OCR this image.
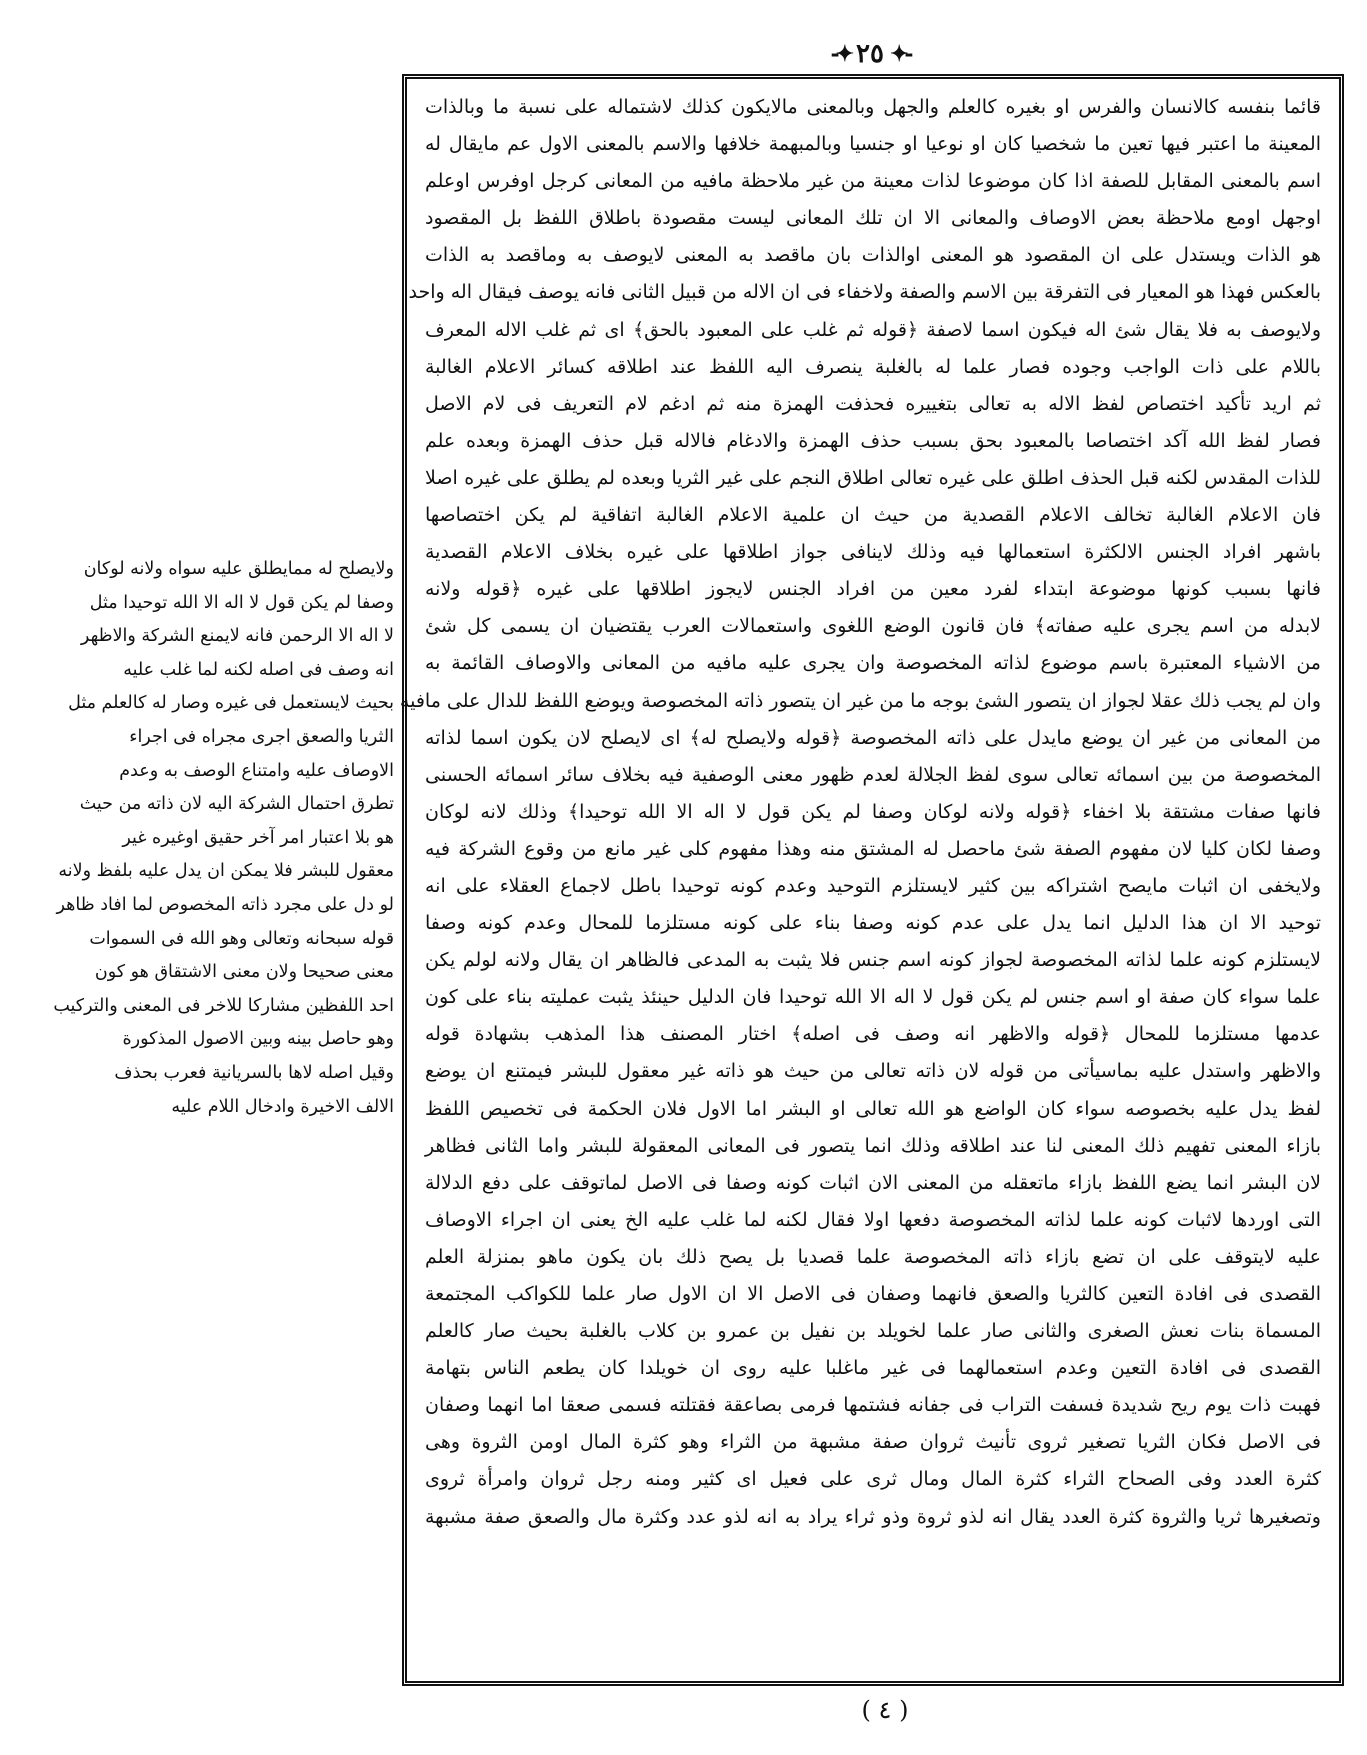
-✦ ٢٥ ✦-
قائما بنفسه كالانسان والفرس او بغيره كالعلم والجهل وبالمعنى مالايكون كذلك لاشتماله على نسبة ما وبالذات
المعينة ما اعتبر فيها تعين ما شخصيا كان او نوعيا او جنسيا وبالمبهمة خلافها والاسم بالمعنى الاول عم مايقال له
اسم بالمعنى المقابل للصفة اذا كان موضوعا لذات معينة من غير ملاحظة مافيه من المعانى كرجل اوفرس اوعلم
اوجهل اومع ملاحظة بعض الاوصاف والمعانى الا ان تلك المعانى ليست مقصودة باطلاق اللفظ بل المقصود
هو الذات ويستدل على ان المقصود هو المعنى اوالذات بان ماقصد به المعنى لايوصف به وماقصد به الذات
بالعكس فهذا هو المعيار فى التفرقة بين الاسم والصفة ولاخفاء فى ان الاله من قبيل الثانى فانه يوصف فيقال اله واحد
ولايوصف به فلا يقال شئ اله فيكون اسما لاصفة ﴿قوله ثم غلب على المعبود بالحق﴾ اى ثم غلب الاله المعرف
باللام على ذات الواجب وجوده فصار علما له بالغلبة ينصرف اليه اللفظ عند اطلاقه كسائر الاعلام الغالبة
ثم اريد تأكيد اختصاص لفظ الاله به تعالى بتغييره فحذفت الهمزة منه ثم ادغم لام التعريف فى لام الاصل
فصار لفظ الله آكد اختصاصا بالمعبود بحق بسبب حذف الهمزة والادغام فالاله قبل حذف الهمزة وبعده علم
للذات المقدس لكنه قبل الحذف اطلق على غيره تعالى اطلاق النجم على غير الثريا وبعده لم يطلق على غيره اصلا
فان الاعلام الغالبة تخالف الاعلام القصدية من حيث ان علمية الاعلام الغالبة اتفاقية لم يكن اختصاصها
باشهر افراد الجنس الالكثرة استعمالها فيه وذلك لاينافى جواز اطلاقها على غيره بخلاف الاعلام القصدية
فانها بسبب كونها موضوعة ابتداء لفرد معين من افراد الجنس لايجوز اطلاقها على غيره ﴿قوله ولانه
لابدله من اسم يجرى عليه صفاته﴾ فان قانون الوضع اللغوى واستعمالات العرب يقتضيان ان يسمى كل شئ
من الاشياء المعتبرة باسم موضوع لذاته المخصوصة وان يجرى عليه مافيه من المعانى والاوصاف القائمة به
وان لم يجب ذلك عقلا لجواز ان يتصور الشئ بوجه ما من غير ان يتصور ذاته المخصوصة ويوضع اللفظ للدال على مافيه
من المعانى من غير ان يوضع مايدل على ذاته المخصوصة ﴿قوله ولايصلح له﴾ اى لايصلح لان يكون اسما لذاته
المخصوصة من بين اسمائه تعالى سوى لفظ الجلالة لعدم ظهور معنى الوصفية فيه بخلاف سائر اسمائه الحسنى
فانها صفات مشتقة بلا اخفاء ﴿قوله ولانه لوكان وصفا لم يكن قول لا اله الا الله توحيدا﴾ وذلك لانه لوكان
وصفا لكان كليا لان مفهوم الصفة شئ ماحصل له المشتق منه وهذا مفهوم كلى غير مانع من وقوع الشركة فيه
ولايخفى ان اثبات مايصح اشتراكه بين كثير لايستلزم التوحيد وعدم كونه توحيدا باطل لاجماع العقلاء على انه
توحيد الا ان هذا الدليل انما يدل على عدم كونه وصفا بناء على كونه مستلزما للمحال وعدم كونه وصفا
لايستلزم كونه علما لذاته المخصوصة لجواز كونه اسم جنس فلا يثبت به المدعى فالظاهر ان يقال ولانه لولم يكن
علما سواء كان صفة او اسم جنس لم يكن قول لا اله الا الله توحيدا فان الدليل حينئذ يثبت عمليته بناء على كون
عدمها مستلزما للمحال ﴿قوله والاظهر انه وصف فى اصله﴾ اختار المصنف هذا المذهب بشهادة قوله
والاظهر واستدل عليه بماسيأتى من قوله لان ذاته تعالى من حيث هو ذاته غير معقول للبشر فيمتنع ان يوضع
لفظ يدل عليه بخصوصه سواء كان الواضع هو الله تعالى او البشر اما الاول فلان الحكمة فى تخصيص اللفظ
بازاء المعنى تفهيم ذلك المعنى لنا عند اطلاقه وذلك انما يتصور فى المعانى المعقولة للبشر واما الثانى فظاهر
لان البشر انما يضع اللفظ بازاء ماتعقله من المعنى الان اثبات كونه وصفا فى الاصل لماتوقف على دفع الدلالة
التى اوردها لاثبات كونه علما لذاته المخصوصة دفعها اولا فقال لكنه لما غلب عليه الخ يعنى ان اجراء الاوصاف
عليه لايتوقف على ان تضع بازاء ذاته المخصوصة علما قصديا بل يصح ذلك بان يكون ماهو بمنزلة العلم
القصدى فى افادة التعين كالثريا والصعق فانهما وصفان فى الاصل الا ان الاول صار علما للكواكب المجتمعة
المسماة بنات نعش الصغرى والثانى صار علما لخويلد بن نفيل بن عمرو بن كلاب بالغلبة بحيث صار كالعلم
القصدى فى افادة التعين وعدم استعمالهما فى غير ماغلبا عليه روى ان خويلدا كان يطعم الناس بتهامة
فهبت ذات يوم ريح شديدة فسفت التراب فى جفانه فشتمها فرمى بصاعقة فقتلته فسمى صعقا اما انهما وصفان
فى الاصل فكان الثريا تصغير ثروى تأنيث ثروان صفة مشبهة من الثراء وهو كثرة المال اومن الثروة وهى
كثرة العدد وفى الصحاح الثراء كثرة المال ومال ثرى على فعيل اى كثير ومنه رجل ثروان وامرأة ثروى
وتصغيرها ثريا والثروة كثرة العدد يقال انه لذو ثروة وذو ثراء يراد به انه لذو عدد وكثرة مال والصعق صفة مشبهة
ولايصلح له ممايطلق عليه سواه ولانه لوكان
وصفا لم يكن قول لا اله الا الله توحيدا مثل
لا اله الا الرحمن فانه لايمنع الشركة والاظهر
انه وصف فى اصله لكنه لما غلب عليه
بحيث لايستعمل فى غيره وصار له كالعلم مثل
الثريا والصعق اجرى مجراه فى اجراء
الاوصاف عليه وامتناع الوصف به وعدم
تطرق احتمال الشركة اليه لان ذاته من حيث
هو بلا اعتبار امر آخر حقيق اوغيره غير
معقول للبشر فلا يمكن ان يدل عليه بلفظ ولانه
لو دل على مجرد ذاته المخصوص لما افاد ظاهر
قوله سبحانه وتعالى وهو الله فى السموات
معنى صحيحا ولان معنى الاشتقاق هو كون
احد اللفظين مشاركا للاخر فى المعنى والتركيب
وهو حاصل بينه وبين الاصول المذكورة
وقيل اصله لاها بالسريانية فعرب بحذف
الالف الاخيرة وادخال اللام عليه
( ٤ )
